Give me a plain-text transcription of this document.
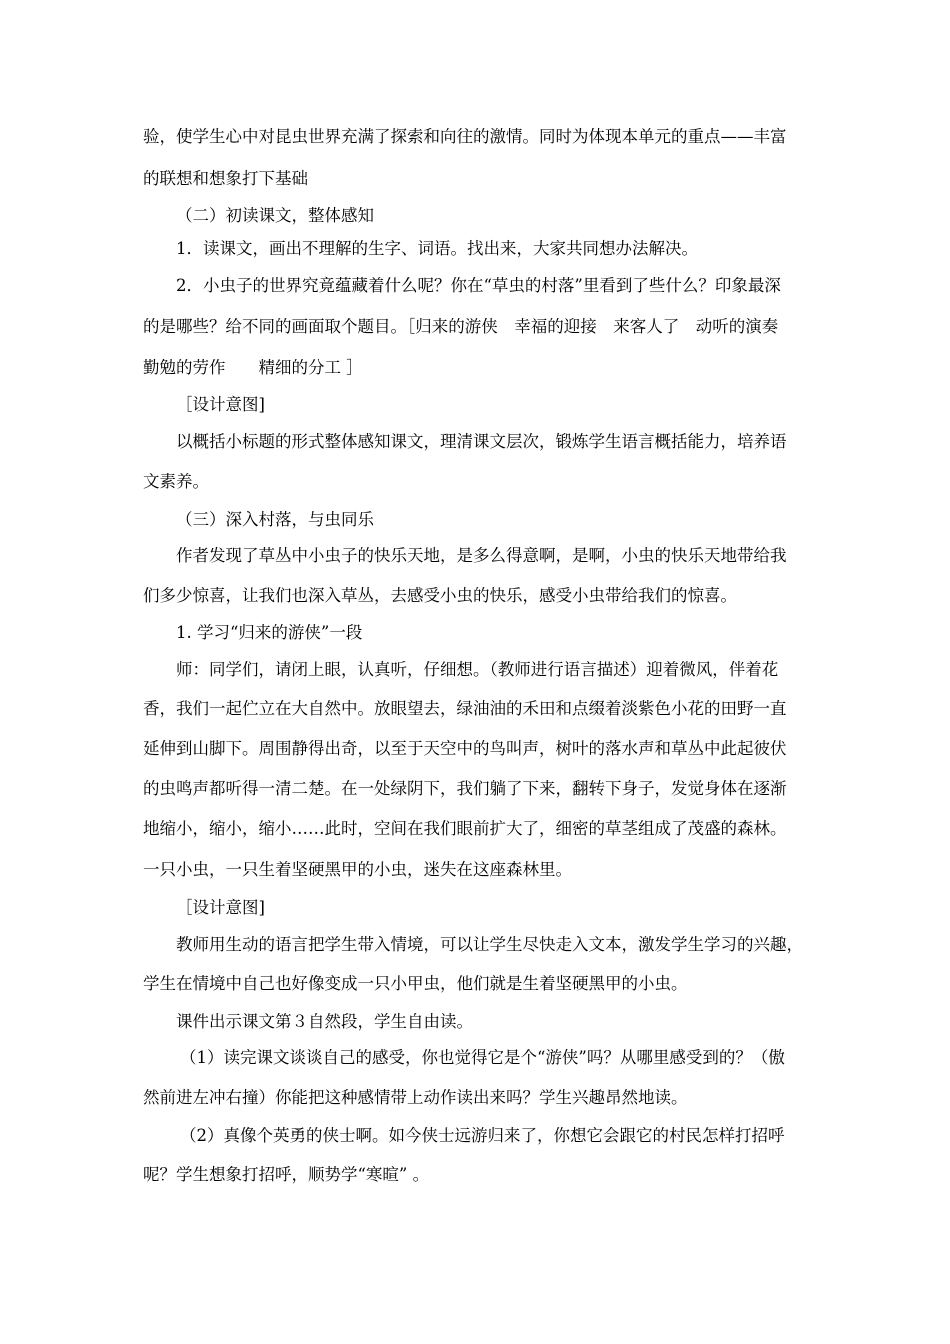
验，使学生心中对昆虫世界充满了探索和向往的激情。同时为体现本单元的重点——丰富
的联想和想象打下基础
（二）初读课文，整体感知
1．读课文，画出不理解的生字、词语。找出来，大家共同想办法解决。
2．小虫子的世界究竟蕴藏着什么呢？你在“草虫的村落”里看到了些什么？印象最深
的是哪些？给不同的画面取个题目。［归来的游侠　幸福的迎接　来客人了　动听的演奏
勤勉的劳作　　精细的分工 ］
［设计意图]
以概括小标题的形式整体感知课文，理清课文层次，锻炼学生语言概括能力，培养语
文素养。
（三）深入村落，与虫同乐
作者发现了草丛中小虫子的快乐天地，是多么得意啊，是啊，小虫的快乐天地带给我
们多少惊喜，让我们也深入草丛，去感受小虫的快乐，感受小虫带给我们的惊喜。
1. 学习“归来的游侠”一段
师：同学们，请闭上眼，认真听，仔细想。（教师进行语言描述）迎着微风，伴着花
香，我们一起伫立在大自然中。放眼望去，绿油油的禾田和点缀着淡紫色小花的田野一直
延伸到山脚下。周围静得出奇，以至于天空中的鸟叫声，树叶的落水声和草丛中此起彼伏
的虫鸣声都听得一清二楚。在一处绿阴下，我们躺了下来，翻转下身子，发觉身体在逐渐
地缩小，缩小，缩小……此时，空间在我们眼前扩大了，细密的草茎组成了茂盛的森林。
一只小虫，一只生着坚硬黑甲的小虫，迷失在这座森林里。
［设计意图]
教师用生动的语言把学生带入情境，可以让学生尽快走入文本，激发学生学习的兴趣，
学生在情境中自己也好像变成一只小甲虫，他们就是生着坚硬黑甲的小虫。
课件出示课文第３自然段，学生自由读。
（1）读完课文谈谈自己的感受，你也觉得它是个“游侠”吗？从哪里感受到的？（傲
然前进左冲右撞）你能把这种感情带上动作读出来吗？学生兴趣昂然地读。
（2）真像个英勇的侠士啊。如今侠士远游归来了，你想它会跟它的村民怎样打招呼
呢？学生想象打招呼，顺势学“寒暄” 。
